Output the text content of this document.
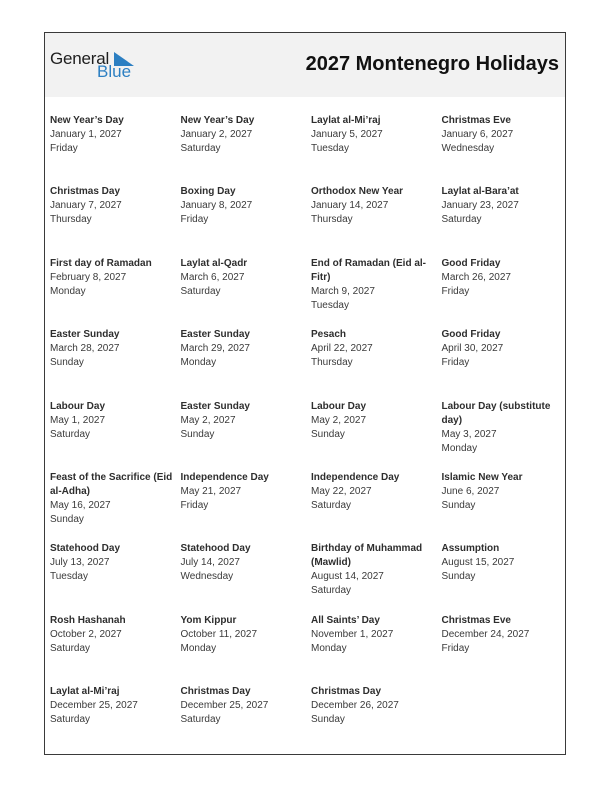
General
Blue	2027 Montenegro Holidays
New Year’s Day
January 1, 2027
Friday
New Year’s Day
January 2, 2027
Saturday
Laylat al-Mi’raj
January 5, 2027
Tuesday
Christmas Eve
January 6, 2027
Wednesday
Christmas Day
January 7, 2027
Thursday
Boxing Day
January 8, 2027
Friday
Orthodox New Year
January 14, 2027
Thursday
Laylat al-Bara’at
January 23, 2027
Saturday
First day of Ramadan
February 8, 2027
Monday
Laylat al-Qadr
March 6, 2027
Saturday
End of Ramadan (Eid al-Fitr)
March 9, 2027
Tuesday
Good Friday
March 26, 2027
Friday
Easter Sunday
March 28, 2027
Sunday
Easter Sunday
March 29, 2027
Monday
Pesach
April 22, 2027
Thursday
Good Friday
April 30, 2027
Friday
Labour Day
May 1, 2027
Saturday
Easter Sunday
May 2, 2027
Sunday
Labour Day
May 2, 2027
Sunday
Labour Day (substitute day)
May 3, 2027
Monday
Feast of the Sacrifice (Eid al-Adha)
May 16, 2027
Sunday
Independence Day
May 21, 2027
Friday
Independence Day
May 22, 2027
Saturday
Islamic New Year
June 6, 2027
Sunday
Statehood Day
July 13, 2027
Tuesday
Statehood Day
July 14, 2027
Wednesday
Birthday of Muhammad (Mawlid)
August 14, 2027
Saturday
Assumption
August 15, 2027
Sunday
Rosh Hashanah
October 2, 2027
Saturday
Yom Kippur
October 11, 2027
Monday
All Saints’ Day
November 1, 2027
Monday
Christmas Eve
December 24, 2027
Friday
Laylat al-Mi’raj
December 25, 2027
Saturday
Christmas Day
December 25, 2027
Saturday
Christmas Day
December 26, 2027
Sunday
